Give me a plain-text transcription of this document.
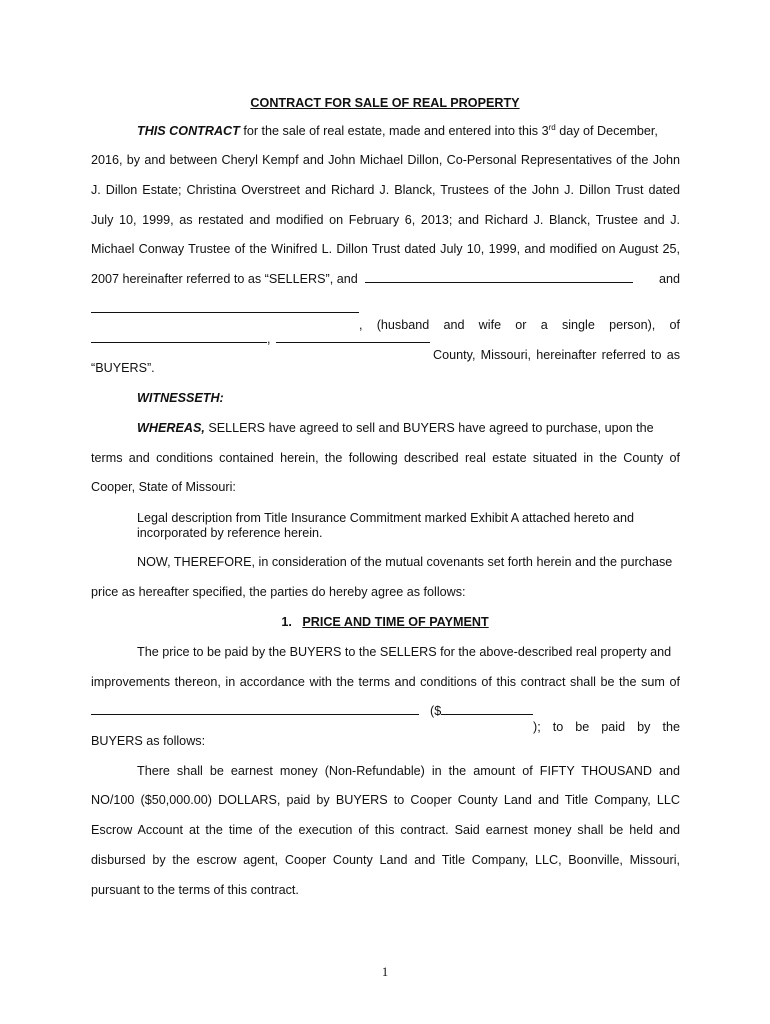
CONTRACT FOR SALE OF REAL PROPERTY
THIS CONTRACT for the sale of real estate, made and entered into this 3rd day of December,
2016, by and between Cheryl Kempf and John Michael Dillon, Co-Personal Representatives of the John
J. Dillon Estate; Christina Overstreet and Richard J. Blanck, Trustees of the John J. Dillon Trust dated
July 10, 1999, as restated and modified on February 6, 2013; and Richard J. Blanck, Trustee and J.
Michael Conway Trustee of the Winifred L. Dillon Trust dated July 10, 1999, and modified on August 25,
2007 hereinafter referred to as “SELLERS”, and	and
, (husband and wife or a single person), of
,
County, Missouri, hereinafter referred to as
“BUYERS”.
WITNESSETH:
WHEREAS, SELLERS have agreed to sell and BUYERS have agreed to purchase, upon the
terms and conditions contained herein, the following described real estate situated in the County of
Cooper, State of Missouri:
Legal description from Title Insurance Commitment marked Exhibit A attached hereto and incorporated by reference herein.
NOW, THEREFORE, in consideration of the mutual covenants set forth herein and the purchase
price as hereafter specified, the parties do hereby agree as follows:
1. PRICE AND TIME OF PAYMENT
The price to be paid by the BUYERS to the SELLERS for the above-described real property and
improvements thereon, in accordance with the terms and conditions of this contract shall be the sum of
($
); to be paid by the
BUYERS as follows:
There shall be earnest money (Non-Refundable) in the amount of FIFTY THOUSAND and
NO/100 ($50,000.00) DOLLARS, paid by BUYERS to Cooper County Land and Title Company, LLC
Escrow Account at the time of the execution of this contract. Said earnest money shall be held and
disbursed by the escrow agent, Cooper County Land and Title Company, LLC, Boonville, Missouri,
pursuant to the terms of this contract.
1
